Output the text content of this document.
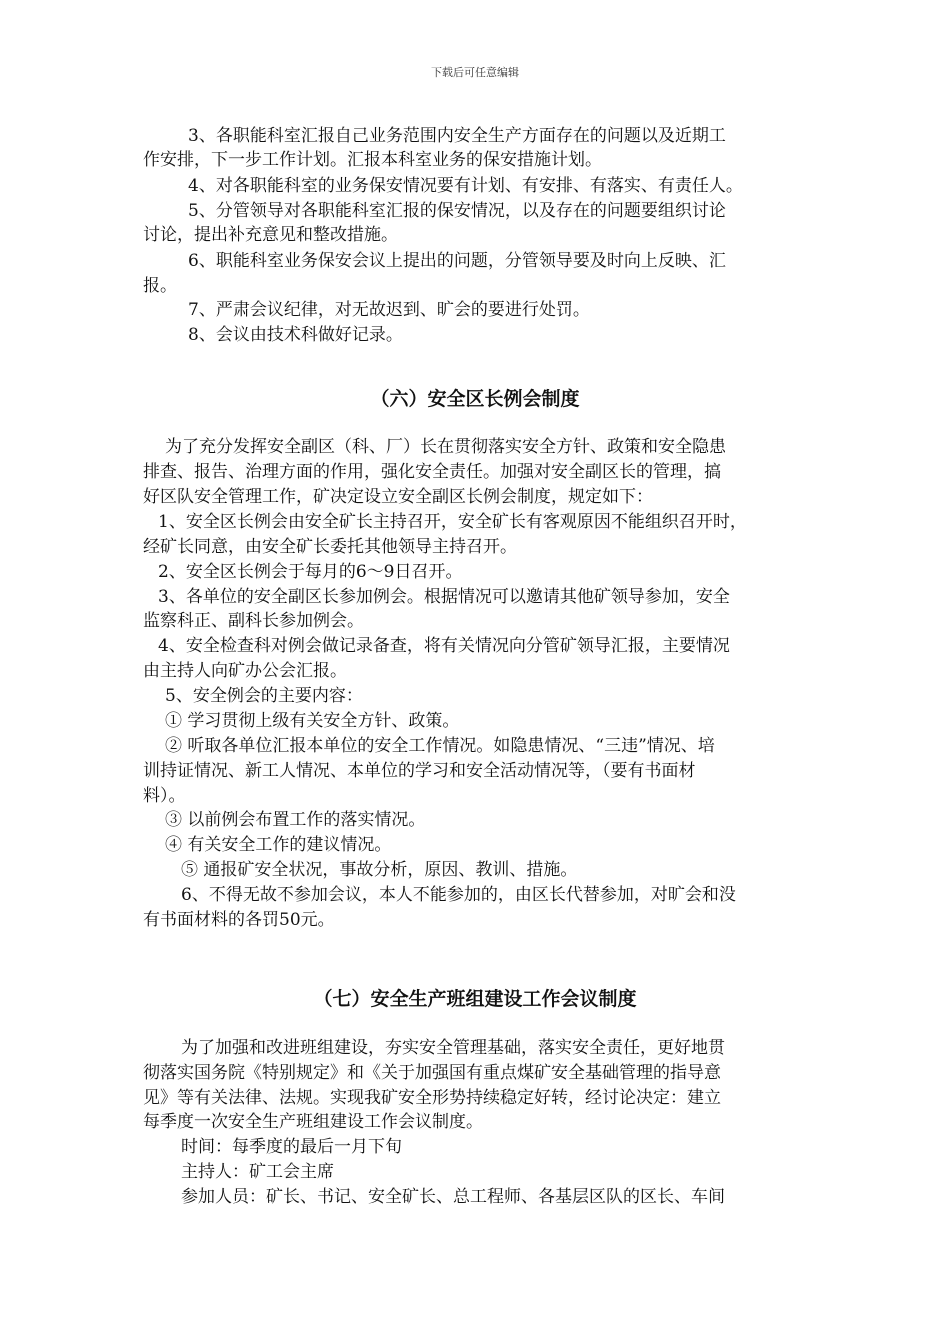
下载后可任意编辑
3、各职能科室汇报自己业务范围内安全生产方面存在的问题以及近期工
作安排，下一步工作计划。汇报本科室业务的保安措施计划。
4、对各职能科室的业务保安情况要有计划、有安排、有落实、有责任人。
5、分管领导对各职能科室汇报的保安情况，以及存在的问题要组织讨论
讨论，提出补充意见和整改措施。
6、职能科室业务保安会议上提出的问题，分管领导要及时向上反映、汇
报。
7、严肃会议纪律，对无故迟到、旷会的要进行处罚。
8、会议由技术科做好记录。
（六）安全区长例会制度
为了充分发挥安全副区（科、厂）长在贯彻落实安全方针、政策和安全隐患
排查、报告、治理方面的作用，强化安全责任。加强对安全副区长的管理，搞
好区队安全管理工作，矿决定设立安全副区长例会制度，规定如下：
1、安全区长例会由安全矿长主持召开，安全矿长有客观原因不能组织召开时，
经矿长同意，由安全矿长委托其他领导主持召开。
2、安全区长例会于每月的6～9日召开。
3、各单位的安全副区长参加例会。根据情况可以邀请其他矿领导参加，安全
监察科正、副科长参加例会。
4、安全检查科对例会做记录备查，将有关情况向分管矿领导汇报，主要情况
由主持人向矿办公会汇报。
5、安全例会的主要内容：
① 学习贯彻上级有关安全方针、政策。
② 听取各单位汇报本单位的安全工作情况。如隐患情况、“三违”情况、培
训持证情况、新工人情况、本单位的学习和安全活动情况等，（要有书面材
料）。
③ 以前例会布置工作的落实情况。
④ 有关安全工作的建议情况。
⑤ 通报矿安全状况，事故分析，原因、教训、措施。
6、不得无故不参加会议，本人不能参加的，由区长代替参加，对旷会和没
有书面材料的各罚50元。
（七）安全生产班组建设工作会议制度
为了加强和改进班组建设，夯实安全管理基础，落实安全责任，更好地贯
彻落实国务院《特别规定》和《关于加强国有重点煤矿安全基础管理的指导意
见》等有关法律、法规。实现我矿安全形势持续稳定好转，经讨论决定：建立
每季度一次安全生产班组建设工作会议制度。
时间：每季度的最后一月下旬
主持人：矿工会主席
参加人员：矿长、书记、安全矿长、总工程师、各基层区队的区长、车间
